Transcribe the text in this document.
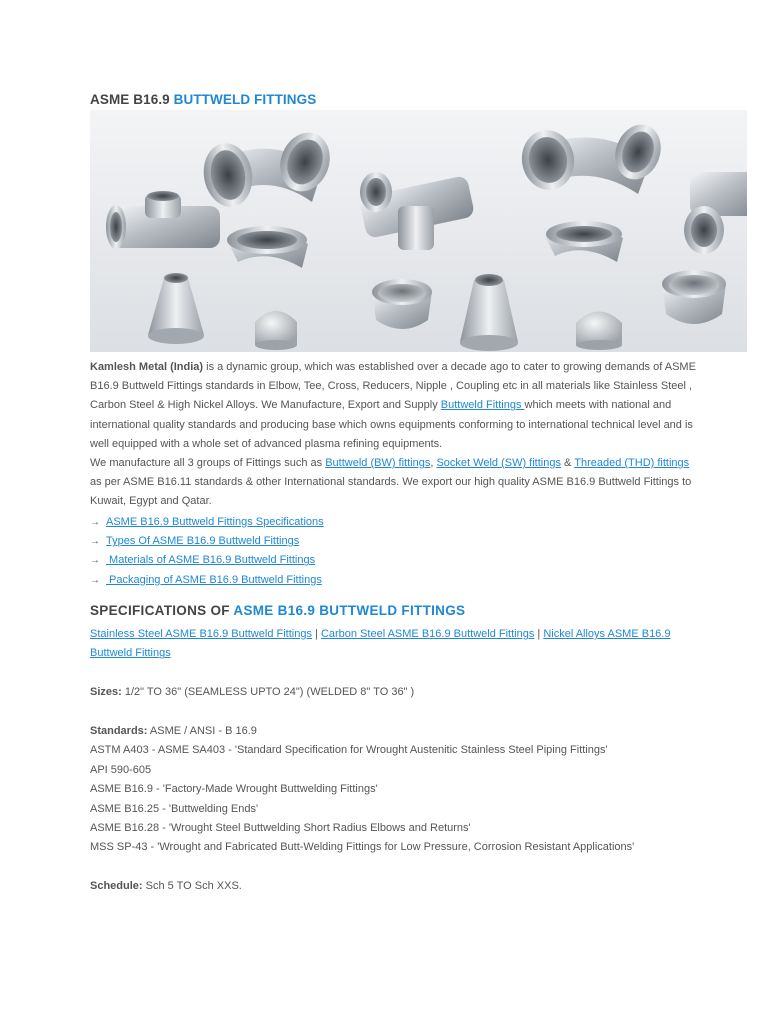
ASME B16.9 BUTTWELD FITTINGS

Kamlesh Metal (India) is a dynamic group, which was established over a decade ago to cater to growing demands of ASME B16.9 Buttweld Fittings standards in Elbow, Tee, Cross, Reducers, Nipple , Coupling etc in all materials like Stainless Steel , Carbon Steel & High Nickel Alloys. We Manufacture, Export and Supply Buttweld Fittings which meets with national and international quality standards and producing base which owns equipments conforming to international technical level and is well equipped with a whole set of advanced plasma refining equipments.

We manufacture all 3 groups of Fittings such as Buttweld (BW) fittings, Socket Weld (SW) fittings & Threaded (THD) fittings as per ASME B16.11 standards & other International standards. We export our high quality ASME B16.9 Buttweld Fittings to Kuwait, Egypt and Qatar.

→ ASME B16.9 Buttweld Fittings Specifications
→ Types Of ASME B16.9 Buttweld Fittings
→ Materials of ASME B16.9 Buttweld Fittings
→ Packaging of ASME B16.9 Buttweld Fittings
SPECIFICATIONS OF ASME B16.9 BUTTWELD FITTINGS

Stainless Steel ASME B16.9 Buttweld Fittings | Carbon Steel ASME B16.9 Buttweld Fittings | Nickel Alloys ASME B16.9 Buttweld Fittings

Sizes: 1/2" TO 36" (SEAMLESS UPTO 24") (WELDED 8" TO 36" )

Standards: ASME / ANSI - B 16.9

ASTM A403 - ASME SA403 - 'Standard Specification for Wrought Austenitic Stainless Steel Piping Fittings'

API 590-605

ASME B16.9 - 'Factory-Made Wrought Buttwelding Fittings'

ASME B16.25 - 'Buttwelding Ends'

ASME B16.28 - 'Wrought Steel Buttwelding Short Radius Elbows and Returns'

MSS SP-43 - 'Wrought and Fabricated Butt-Welding Fittings for Low Pressure, Corrosion Resistant Applications'

Schedule: Sch 5 TO Sch XXS.
